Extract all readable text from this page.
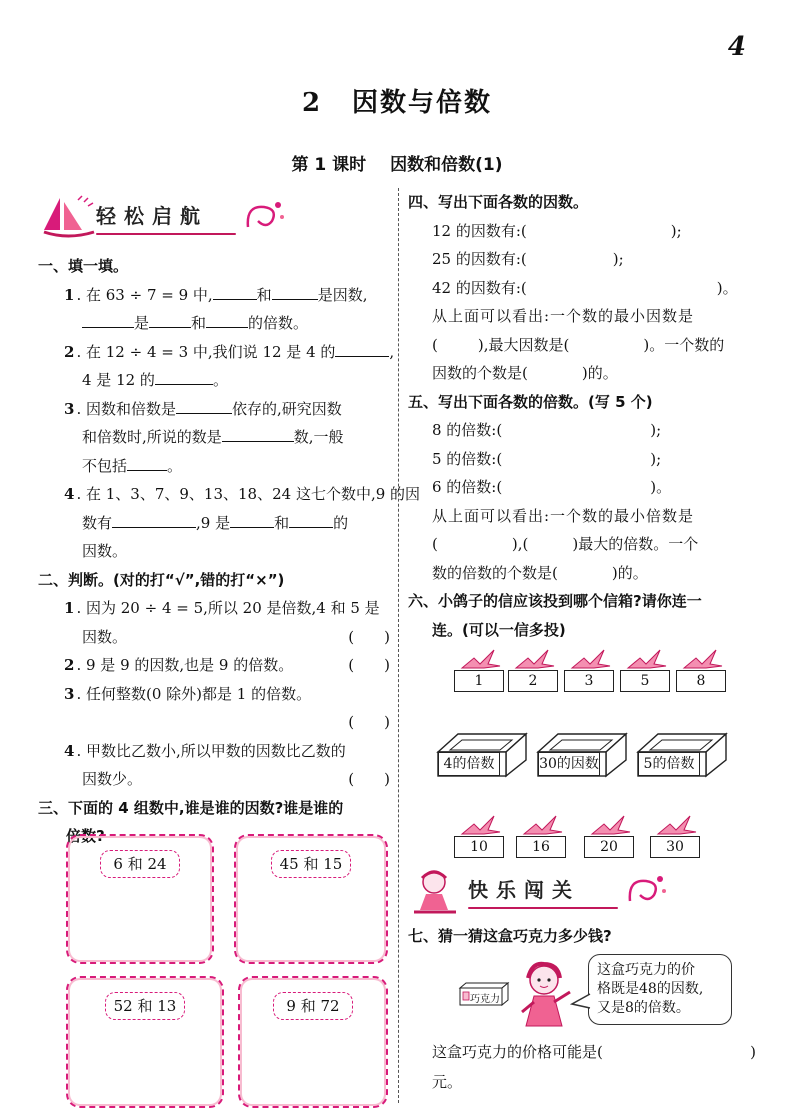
4
2 因数与倍数
第 1 课时 因数和倍数(1)
轻松启航
一、填一填。
1 . 在 63 ÷ 7 = 9 中,	和	是因数,
是	和	的倍数。
2 . 在 12 ÷ 4 = 3 中,我们说 12 是 4 的	,
4 是 12 的	。
3 . 因数和倍数是	依存的,研究因数
和倍数时,所说的数是	数,一般
不包括	。
4 . 在 1、3、7、9、13、18、24 这七个数中,9 的因
数有	,9 是	和	的
因数。
二、判断。(对的打“√”,错的打“×”)
1 . 因为 20 ÷ 4 = 5,所以 20 是倍数,4 和 5 是
因数。	(　　)
2 . 9 是 9 的因数,也是 9 的倍数。	(　　)
3 . 任何整数(0 除外)都是 1 的倍数。
(　　)
4 . 甲数比乙数小,所以甲数的因数比乙数的
因数少。	(　　)
三、下面的 4 组数中,谁是谁的因数?谁是谁的
倍数?
6 和 24	45 和 15
52 和 13	9 和 72
四、写出下面各数的因数。
12 的因数有:(	);
25 的因数有:(	);
42 的因数有:(	)。
从上面可以看出:一个数的最小因数是
(	),最大因数是(	)。一个数的
因数的个数是(	)的。
五、写出下面各数的倍数。(写 5 个)
8 的倍数:(	);
5 的倍数:(	);
6 的倍数:(	)。
从上面可以看出:一个数的最小倍数是
(	),(	)最大的倍数。一个
数的倍数的个数是(	)的。
六、小鸽子的信应该投到哪个信箱?请你连一
连。(可以一信多投)
1	2	3	5	8
4的倍数	30的因数	5的倍数
10	16	20	30
快乐闯关
七、猜一猜这盒巧克力多少钱?
巧克力
这盒巧克力的价
格既是48的因数,
又是8的倍数。
这盒巧克力的价格可能是(	)
元。
